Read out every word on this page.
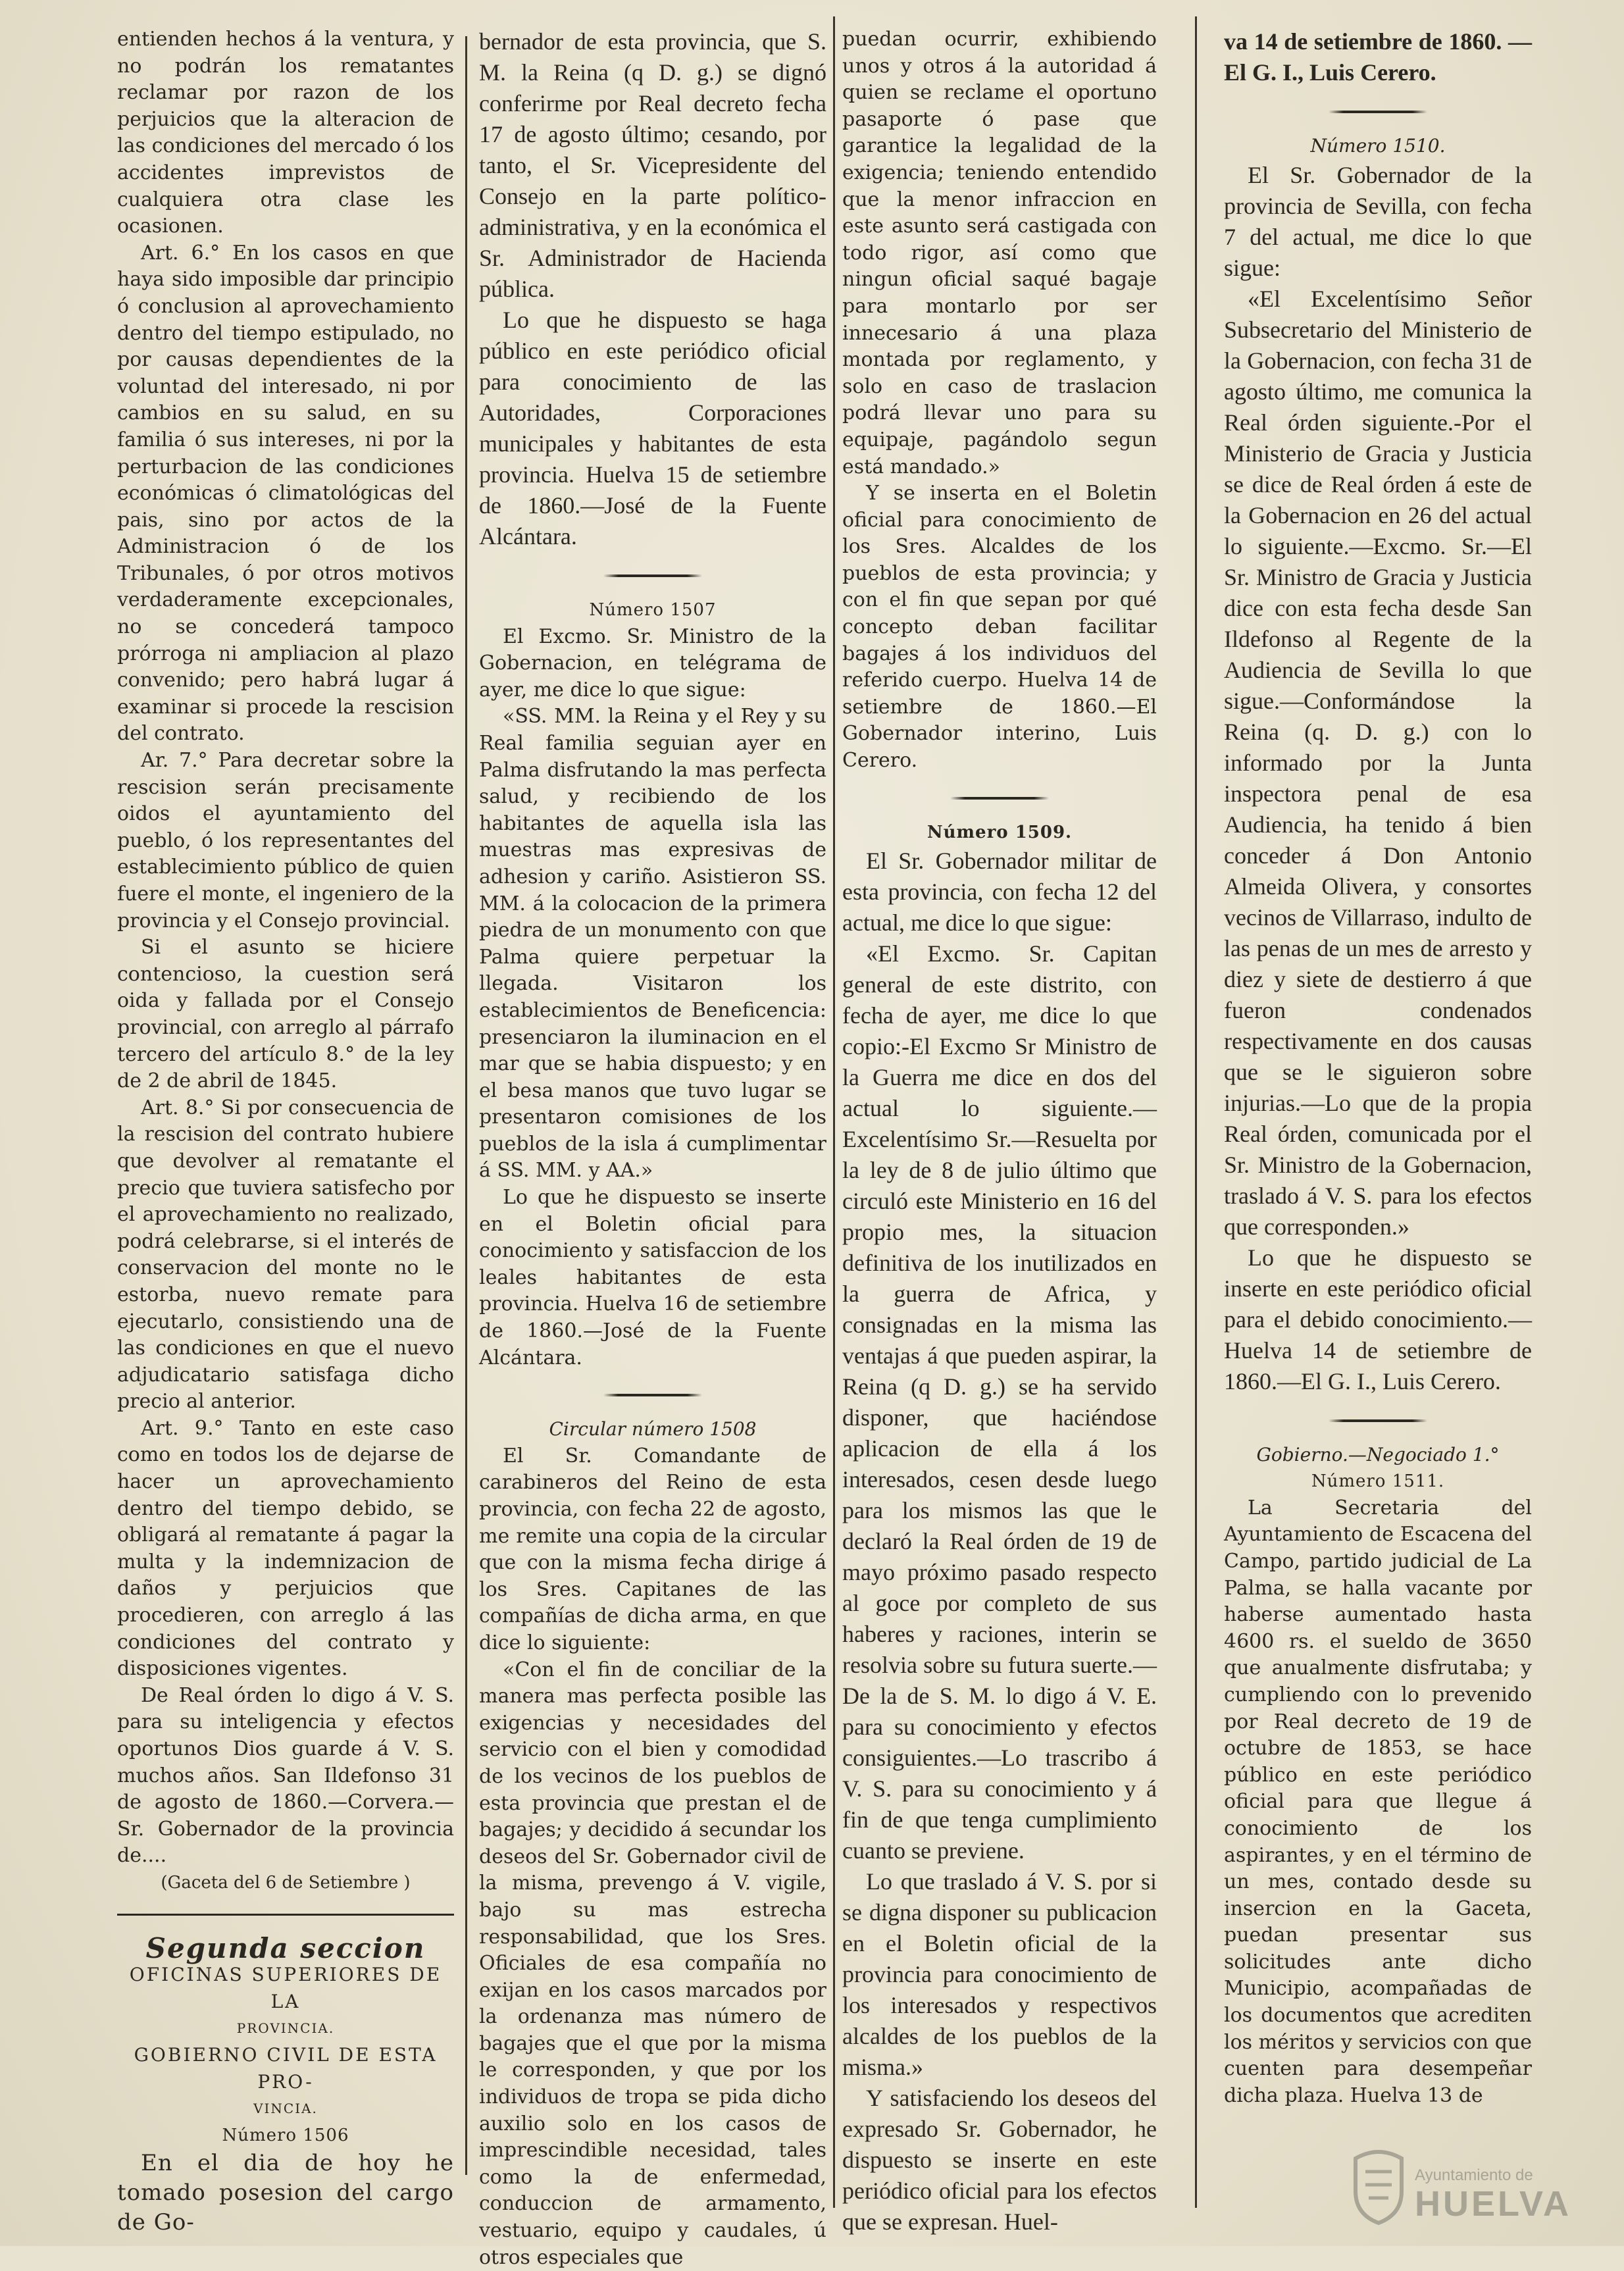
entienden hechos á la ventura, y no podrán los rematantes reclamar por razon de los perjuicios que la alteracion de las condiciones del mercado ó los accidentes imprevistos de cualquiera otra clase les ocasionen.

Art. 6.° En los casos en que haya sido imposible dar principio ó conclusion al aprovechamiento dentro del tiempo estipulado, no por causas dependientes de la voluntad del interesado, ni por cambios en su salud, en su familia ó sus intereses, ni por la perturbacion de las condiciones económicas ó climatológicas del pais, sino por actos de la Administracion ó de los Tribunales, ó por otros motivos verdaderamente excepcionales, no se concederá tampoco prórroga ni ampliacion al plazo convenido; pero habrá lugar á examinar si procede la rescision del contrato.

Ar. 7.° Para decretar sobre la rescision serán precisamente oidos el ayuntamiento del pueblo, ó los representantes del establecimiento público de quien fuere el monte, el ingeniero de la provincia y el Consejo provincial.

Si el asunto se hiciere contencioso, la cuestion será oida y fallada por el Consejo provincial, con arreglo al párrafo tercero del artículo 8.° de la ley de 2 de abril de 1845.

Art. 8.° Si por consecuencia de la rescision del contrato hubiere que devolver al rematante el precio que tuviera satisfecho por el aprovechamiento no realizado, podrá celebrarse, si el interés de conservacion del monte no le estorba, nuevo remate para ejecutarlo, consistiendo una de las condiciones en que el nuevo adjudicatario satisfaga dicho precio al anterior.

Art. 9.° Tanto en este caso como en todos los de dejarse de hacer un aprovechamiento dentro del tiempo debido, se obligará al rematante á pagar la multa y la indemnizacion de daños y perjuicios que procedieren, con arreglo á las condiciones del contrato y disposiciones vigentes.

De Real órden lo digo á V. S. para su inteligencia y efectos oportunos Dios guarde á V. S. muchos años. San Ildefonso 31 de agosto de 1860.—Corvera.—Sr. Gobernador de la provincia de....

(Gaceta del 6 de Setiembre )

Segunda seccion

OFICINAS SUPERIORES DE LA

PROVINCIA.

GOBIERNO CIVIL DE ESTA PRO-

VINCIA.

Número 1506

En el dia de hoy he tomado posesion del cargo de Go-

bernador de esta provincia, que S. M. la Reina (q D. g.) se dignó conferirme por Real decreto fecha 17 de agosto último; cesando, por tanto, el Sr. Vicepresidente del Consejo en la parte político-administrativa, y en la económica el Sr. Administrador de Hacienda pública.

Lo que he dispuesto se haga público en este periódico oficial para conocimiento de las Autoridades, Corporaciones municipales y habitantes de esta provincia. Huelva 15 de setiembre de 1860.—José de la Fuente Alcántara.

Número 1507

El Excmo. Sr. Ministro de la Gobernacion, en telégrama de ayer, me dice lo que sigue:

«SS. MM. la Reina y el Rey y su Real familia seguian ayer en Palma disfrutando la mas perfecta salud, y recibiendo de los habitantes de aquella isla las muestras mas expresivas de adhesion y cariño. Asistieron SS. MM. á la colocacion de la primera piedra de un monumento con que Palma quiere perpetuar la llegada. Visitaron los establecimientos de Beneficencia: presenciaron la iluminacion en el mar que se habia dispuesto; y en el besa manos que tuvo lugar se presentaron comisiones de los pueblos de la isla á cumplimentar á SS. MM. y AA.»

Lo que he dispuesto se inserte en el Boletin oficial para conocimiento y satisfaccion de los leales habitantes de esta provincia. Huelva 16 de setiembre de 1860.—José de la Fuente Alcántara.

Circular número 1508

El Sr. Comandante de carabineros del Reino de esta provincia, con fecha 22 de agosto, me remite una copia de la circular que con la misma fecha dirige á los Sres. Capitanes de las compañías de dicha arma, en que dice lo siguiente:

«Con el fin de conciliar de la manera mas perfecta posible las exigencias y necesidades del servicio con el bien y comodidad de los vecinos de los pueblos de esta provincia que prestan el de bagajes; y decidido á secundar los deseos del Sr. Gobernador civil de la misma, prevengo á V. vigile, bajo su mas estrecha responsabilidad, que los Sres. Oficiales de esa compañía no exijan en los casos marcados por la ordenanza mas número de bagajes que el que por la misma le corresponden, y que por los individuos de tropa se pida dicho auxilio solo en los casos de imprescindible necesidad, tales como la de enfermedad, conduccion de armamento, vestuario, equipo y caudales, ú otros especiales que

puedan ocurrir, exhibiendo unos y otros á la autoridad á quien se reclame el oportuno pasaporte ó pase que garantice la legalidad de la exigencia; teniendo entendido que la menor infraccion en este asunto será castigada con todo rigor, así como que ningun oficial saqué bagaje para montarlo por ser innecesario á una plaza montada por reglamento, y solo en caso de traslacion podrá llevar uno para su equipaje, pagándolo segun está mandado.»

Y se inserta en el Boletin oficial para conocimiento de los Sres. Alcaldes de los pueblos de esta provincia; y con el fin que sepan por qué concepto deban facilitar bagajes á los individuos del referido cuerpo. Huelva 14 de setiembre de 1860.—El Gobernador interino, Luis Cerero.

Número 1509.

El Sr. Gobernador militar de esta provincia, con fecha 12 del actual, me dice lo que sigue:

«El Excmo. Sr. Capitan general de este distrito, con fecha de ayer, me dice lo que copio:-El Excmo Sr Ministro de la Guerra me dice en dos del actual lo siguiente.—Excelentísimo Sr.—Resuelta por la ley de 8 de julio último que circuló este Ministerio en 16 del propio mes, la situacion definitiva de los inutilizados en la guerra de Africa, y consignadas en la misma las ventajas á que pueden aspirar, la Reina (q D. g.) se ha servido disponer, que haciéndose aplicacion de ella á los interesados, cesen desde luego para los mismos las que le declaró la Real órden de 19 de mayo próximo pasado respecto al goce por completo de sus haberes y raciones, interin se resolvia sobre su futura suerte.—De la de S. M. lo digo á V. E. para su conocimiento y efectos consiguientes.—Lo trascribo á V. S. para su conocimiento y á fin de que tenga cumplimiento cuanto se previene.

Lo que traslado á V. S. por si se digna disponer su publicacion en el Boletin oficial de la provincia para conocimiento de los interesados y respectivos alcaldes de los pueblos de la misma.»

Y satisfaciendo los deseos del expresado Sr. Gobernador, he dispuesto se inserte en este periódico oficial para los efectos que se expresan. Huel-

va 14 de setiembre de 1860. —El G. I., Luis Cerero.

Número 1510.

El Sr. Gobernador de la provincia de Sevilla, con fecha 7 del actual, me dice lo que sigue:

«El Excelentísimo Señor Subsecretario del Ministerio de la Gobernacion, con fecha 31 de agosto último, me comunica la Real órden siguiente.-Por el Ministerio de Gracia y Justicia se dice de Real órden á este de la Gobernacion en 26 del actual lo siguiente.—Excmo. Sr.—El Sr. Ministro de Gracia y Justicia dice con esta fecha desde San Ildefonso al Regente de la Audiencia de Sevilla lo que sigue.—Conformándose la Reina (q. D. g.) con lo informado por la Junta inspectora penal de esa Audiencia, ha tenido á bien conceder á Don Antonio Almeida Olivera, y consortes vecinos de Villarraso, indulto de las penas de un mes de arresto y diez y siete de destierro á que fueron condenados respectivamente en dos causas que se le siguieron sobre injurias.—Lo que de la propia Real órden, comunicada por el Sr. Ministro de la Gobernacion, traslado á V. S. para los efectos que corresponden.»

Lo que he dispuesto se inserte en este periódico oficial para el debido conocimiento.—Huelva 14 de setiembre de 1860.—El G. I., Luis Cerero.

Gobierno.—Negociado 1.°

Número 1511.

La Secretaria del Ayuntamiento de Escacena del Campo, partido judicial de La Palma, se halla vacante por haberse aumentado hasta 4600 rs. el sueldo de 3650 que anualmente disfrutaba; y cumpliendo con lo prevenido por Real decreto de 19 de octubre de 1853, se hace público en este periódico oficial para que llegue á conocimiento de los aspirantes, y en el término de un mes, contado desde su insercion en la Gaceta, puedan presentar sus solicitudes ante dicho Municipio, acompañadas de los documentos que acrediten los méritos y servicios con que cuenten para desempeñar dicha plaza. Huelva 13 de

Ayuntamiento de
HUELVA
